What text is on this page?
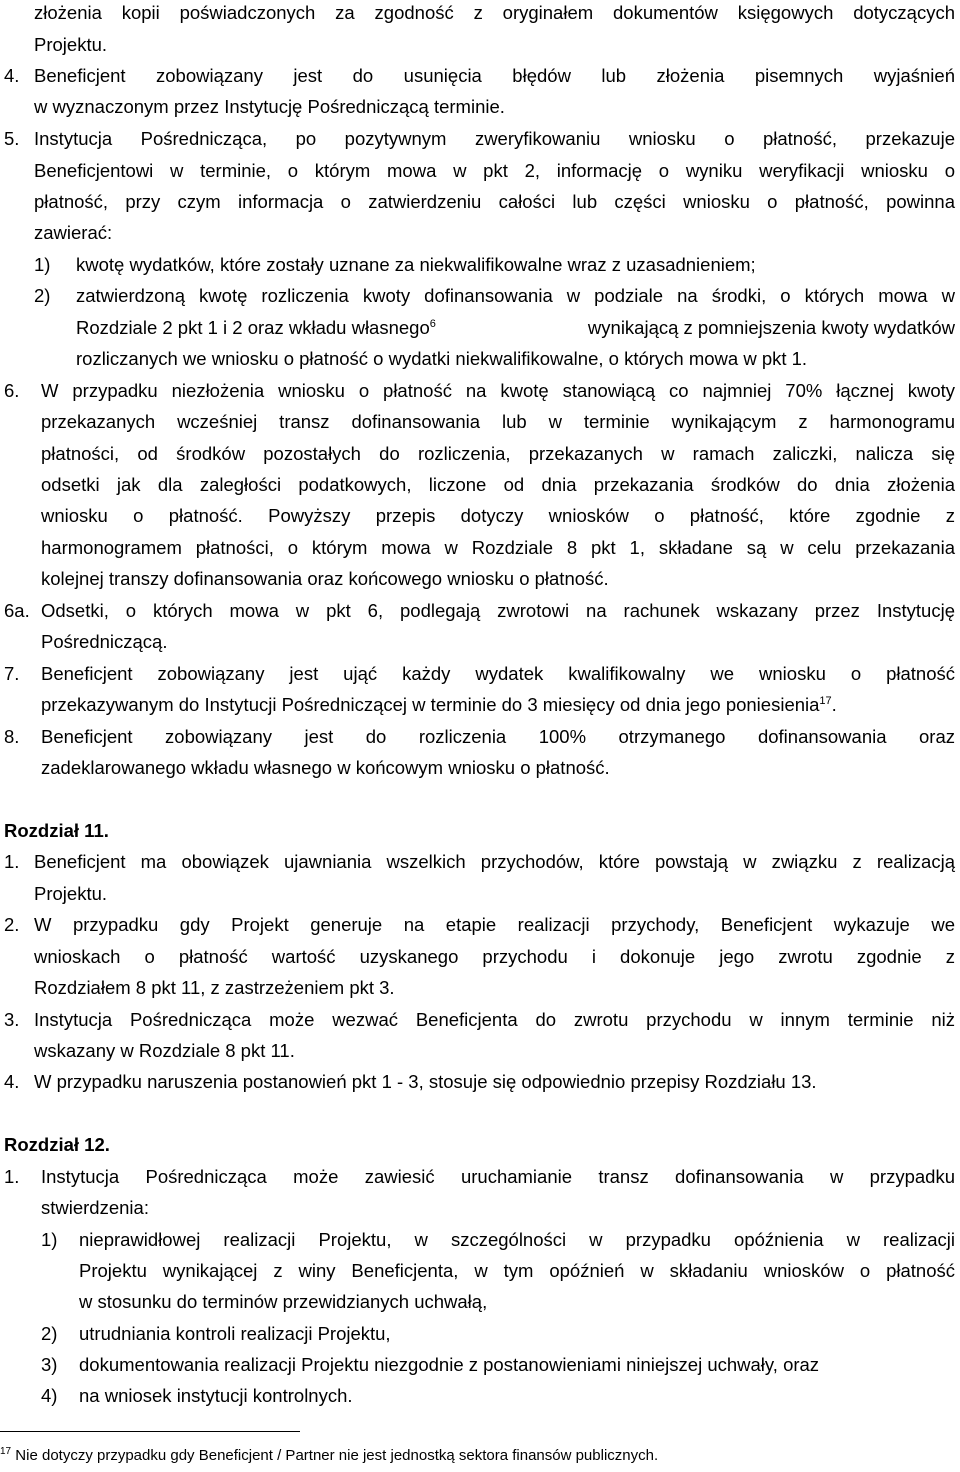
złożenia kopii poświadczonych za zgodność z oryginałem dokumentów księgowych dotyczących
Projektu.
4. Beneficjent zobowiązany jest do usunięcia błędów lub złożenia pisemnych wyjaśnień
w wyznaczonym przez Instytucję Pośredniczącą terminie.
5. Instytucja Pośrednicząca, po pozytywnym zweryfikowaniu wniosku o płatność, przekazuje
Beneficjentowi w terminie, o którym mowa w pkt 2, informację o wyniku weryfikacji wniosku o
płatność, przy czym informacja o zatwierdzeniu całości lub części wniosku o płatność, powinna
zawierać:
1) kwotę wydatków, które zostały uznane za niekwalifikowalne wraz z uzasadnieniem;
2) zatwierdzoną kwotę rozliczenia kwoty dofinansowania w podziale na środki, o których mowa w
Rozdziale 2 pkt 1 i 2 oraz wkładu własnego$^6$	wynikającą z pomniejszenia kwoty wydatków
rozliczanych we wniosku o płatność o wydatki niekwalifikowalne, o których mowa w pkt 1.
6. W przypadku niezłożenia wniosku o płatność na kwotę stanowiącą co najmniej 70% łącznej kwoty
przekazanych wcześniej transz dofinansowania lub w terminie wynikającym z harmonogramu
płatności, od środków pozostałych do rozliczenia, przekazanych w ramach zaliczki, nalicza się
odsetki jak dla zaległości podatkowych, liczone od dnia przekazania środków do dnia złożenia
wniosku o płatność. Powyższy przepis dotyczy wniosków o płatność, które zgodnie z
harmonogramem płatności, o którym mowa w Rozdziale 8 pkt 1, składane są w celu przekazania
kolejnej transzy dofinansowania oraz końcowego wniosku o płatność.
6a. Odsetki, o których mowa w pkt 6, podlegają zwrotowi na rachunek wskazany przez Instytucję
Pośredniczącą.
7. Beneficjent zobowiązany jest ująć każdy wydatek kwalifikowalny we wniosku o płatność
przekazywanym do Instytucji Pośredniczącej w terminie do 3 miesięcy od dnia jego poniesienia$^{17}$.
8. Beneficjent zobowiązany jest do rozliczenia 100% otrzymanego dofinansowania oraz
zadeklarowanego wkładu własnego w końcowym wniosku o płatność.
Rozdział 11.
1. Beneficjent ma obowiązek ujawniania wszelkich przychodów, które powstają w związku z realizacją
Projektu.
2. W przypadku gdy Projekt generuje na etapie realizacji przychody, Beneficjent wykazuje we
wnioskach o płatność wartość uzyskanego przychodu i dokonuje jego zwrotu zgodnie z
Rozdziałem 8 pkt 11, z zastrzeżeniem pkt 3.
3. Instytucja Pośrednicząca może wezwać Beneficjenta do zwrotu przychodu w innym terminie niż
wskazany w Rozdziale 8 pkt 11.
4. W przypadku naruszenia postanowień pkt 1 - 3, stosuje się odpowiednio przepisy Rozdziału 13.
Rozdział 12.
1. Instytucja Pośrednicząca może zawiesić uruchamianie transz dofinansowania w przypadku
stwierdzenia:
1) nieprawidłowej realizacji Projektu, w szczególności w przypadku opóźnienia w realizacji
Projektu wynikającej z winy Beneficjenta, w tym opóźnień w składaniu wniosków o płatność
w stosunku do terminów przewidzianych uchwałą,
2) utrudniania kontroli realizacji Projektu,
3) dokumentowania realizacji Projektu niezgodnie z postanowieniami niniejszej uchwały, oraz
4) na wniosek instytucji kontrolnych.
$^{17}$ Nie dotyczy przypadku gdy Beneficjent / Partner nie jest jednostką sektora finansów publicznych.
